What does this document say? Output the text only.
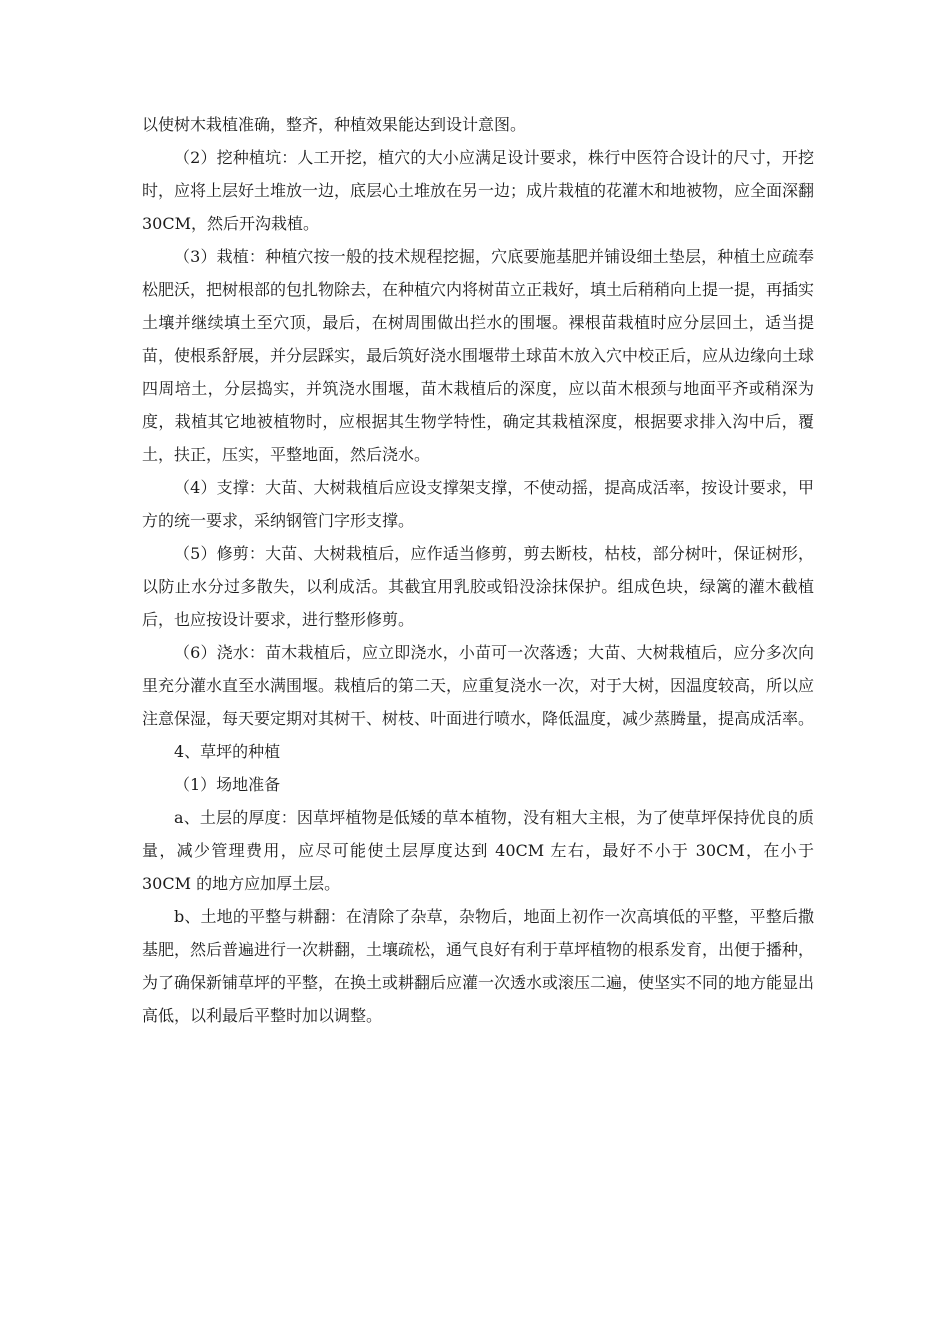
以使树木栽植准确，整齐，种植效果能达到设计意图。

（2）挖种植坑：人工开挖，植穴的大小应满足设计要求，株行中医符合设计的尺寸，开挖时，应将上层好土堆放一边，底层心土堆放在另一边；成片栽植的花灌木和地被物，应全面深翻 30CM，然后开沟栽植。

（3）栽植：种植穴按一般的技术规程挖掘，穴底要施基肥并铺设细土垫层，种植土应疏奉松肥沃，把树根部的包扎物除去，在种植穴内将树苗立正栽好，填土后稍稍向上提一提，再插实土壤并继续填土至穴顶，最后，在树周围做出拦水的围堰。裸根苗栽植时应分层回土，适当提苗，使根系舒展，并分层踩实，最后筑好浇水围堰带土球苗木放入穴中校正后，应从边缘向土球四周培土，分层捣实，并筑浇水围堰，苗木栽植后的深度，应以苗木根颈与地面平齐或稍深为度，栽植其它地被植物时，应根据其生物学特性，确定其栽植深度，根据要求排入沟中后，覆土，扶正，压实，平整地面，然后浇水。

（4）支撑：大苗、大树栽植后应设支撑架支撑，不使动摇，提高成活率，按设计要求，甲方的统一要求，采纳钢管门字形支撑。

（5）修剪：大苗、大树栽植后，应作适当修剪，剪去断枝，枯枝，部分树叶，保证树形，以防止水分过多散失，以利成活。其截宜用乳胶或铅没涂抹保护。组成色块，绿篱的灌木截植后，也应按设计要求，进行整形修剪。

（6）浇水：苗木栽植后，应立即浇水，小苗可一次落透；大苗、大树栽植后，应分多次向里充分灌水直至水满围堰。栽植后的第二天，应重复浇水一次，对于大树，因温度较高，所以应注意保湿，每天要定期对其树干、树枝、叶面进行喷水，降低温度，减少蒸腾量，提高成活率。

4、草坪的种植

（1）场地准备

a、土层的厚度：因草坪植物是低矮的草本植物，没有粗大主根，为了使草坪保持优良的质量，减少管理费用，应尽可能使土层厚度达到 40CM 左右，最好不小于 30CM，在小于 30CM 的地方应加厚土层。

b、土地的平整与耕翻：在清除了杂草，杂物后，地面上初作一次高填低的平整，平整后撒基肥，然后普遍进行一次耕翻，土壤疏松，通气良好有利于草坪植物的根系发育，出便于播种，为了确保新铺草坪的平整，在换土或耕翻后应灌一次透水或滚压二遍，使坚实不同的地方能显出高低，以利最后平整时加以调整。
